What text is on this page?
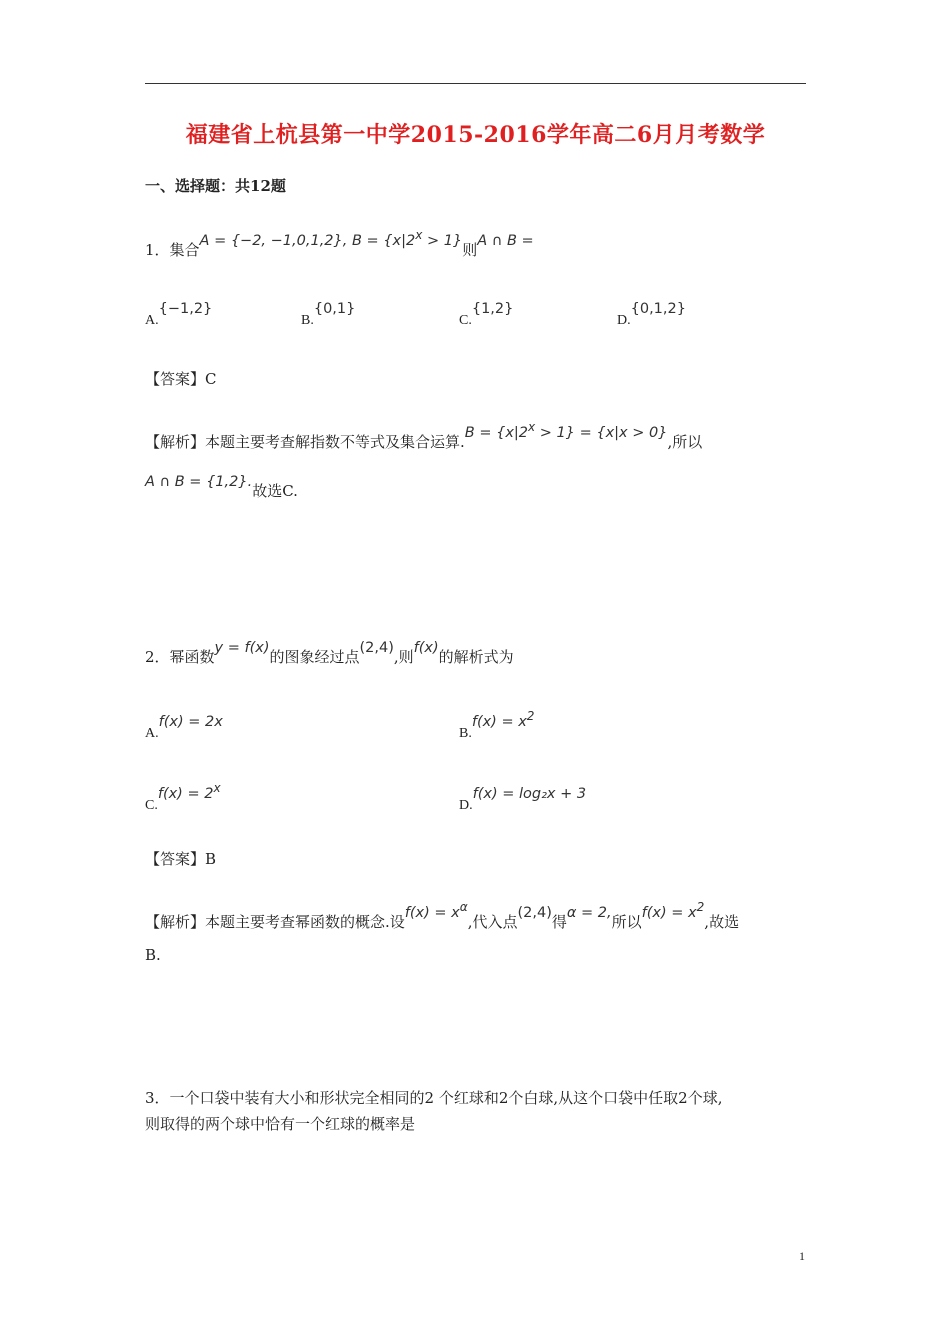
福建省上杭县第一中学2015-2016学年高二6月月考数学
一、选择题：共12题
1．集合A = {−2, −1,0,1,2}, $B = \{x|2^x > 1\}$则A ∩ B =
A.{−1,2}
B.{0,1}
C.{1,2}
D.{0,1,2}
【答案】C
【解析】本题主要考查解指数不等式及集合运算$.B = \{x|2^x > 1\} = \{x|x > 0\}$,所以
A ∩ B = {1,2}.故选C.
2．幂函数y = f(x)的图象经过点(2,4),则f(x)的解析式为
A.f(x) = 2x
$B.f(x) = x^2$
$C.f(x) = 2^x$
D.f(x) = log₂x + 3
【答案】B
【解析】本题主要考查幂函数的概念.设$f(x) = x^\alpha$,代入点(2,4)得α = 2,所以$f(x) = x^2$,故选
B.
3．一个口袋中装有大小和形状完全相同的2 个红球和2个白球,从这个口袋中任取2个球,
则取得的两个球中恰有一个红球的概率是
1
